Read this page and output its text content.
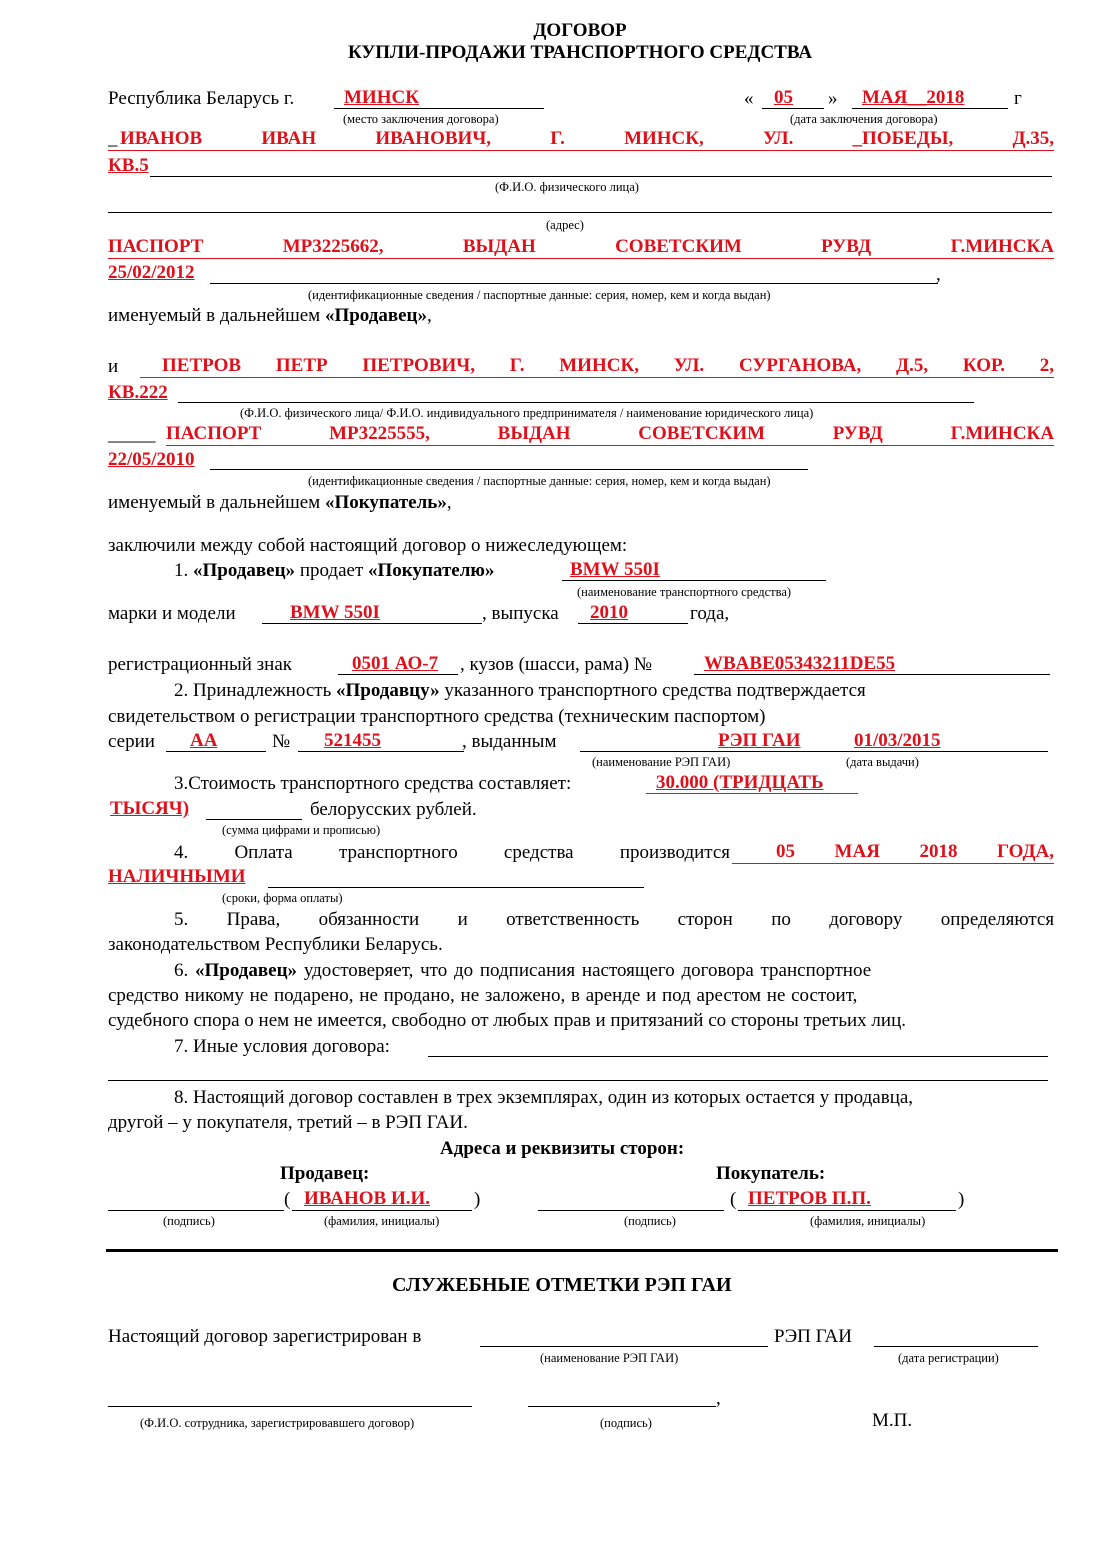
ДОГОВОР
КУПЛИ-ПРОДАЖИ ТРАНСПОРТНОГО СРЕДСТВА
Республика Беларусь г.	МИНСК
(место заключения договора)
« 05 » МАЯ__2018	г
(дата заключения договора)
_ ИВАНОВ	ИВАН	ИВАНОВИЧ,	Г.	МИНСК,	УЛ.	_ПОБЕДЫ,	Д.35,
КВ.5
(Ф.И.О. физического лица)
(адрес)
ПАСПОРТ	МР3225662,	ВЫДАН	СОВЕТСКИМ	РУВД	Г.МИНСКА
25/02/2012	,
(идентификационные сведения / паспортные данные: серия, номер, кем и когда выдан)
именуемый в дальнейшем «Продавец»,
и ПЕТРОВ ПЕТР ПЕТРОВИЧ, Г. МИНСК, УЛ. СУРГАНОВА, Д.5, КОР. 2,
КВ.222
(Ф.И.О. физического лица/ Ф.И.О. индивидуального предпринимателя / наименование юридического лица)
_____ ПАСПОРТ	МР3225555,	ВЫДАН	СОВЕТСКИМ	РУВД	Г.МИНСКА
22/05/2010
(идентификационные сведения / паспортные данные: серия, номер, кем и когда выдан)
именуемый в дальнейшем «Покупатель»,
заключили между собой настоящий договор о нижеследующем:
1. «Продавец» продает «Покупателю»	BMW 550I
(наименование транспортного средства)
марки и модели	BMW 550I	, выпуска 2010	года,
регистрационный знак	0501 АО-7 , кузов (шасси, рама) №	WBABE05343211DE55
2. Принадлежность «Продавцу» указанного транспортного средства подтверждается
свидетельством о регистрации транспортного средства (техническим паспортом)
серии АА	№ 521455	, выданным	РЭП ГАИ	01/03/2015
(наименование РЭП ГАИ)	(дата выдачи)
3.Стоимость транспортного средства составляет:	30.000 (ТРИДЦАТЬ
ТЫСЯЧ)	белорусских рублей.
(сумма цифрами и прописью)
4. Оплата транспортного средства производится 05 МАЯ 2018 ГОДА,
НАЛИЧНЫМИ
(сроки, форма оплаты)
5. Права, обязанности и ответственность сторон по договору определяются
законодательством Республики Беларусь.
6. «Продавец» удостоверяет, что до подписания настоящего договора транспортное
средство никому не подарено, не продано, не заложено, в аренде и под арестом не состоит,
судебного спора о нем не имеется, свободно от любых прав и притязаний со стороны третьих лиц.
7. Иные условия договора:
8. Настоящий договор составлен в трех экземплярах, один из которых остается у продавца,
другой – у покупателя, третий – в РЭП ГАИ.
Адреса и реквизиты сторон:
Продавец:	Покупатель:
( ИВАНОВ И.И. )
(подпись)	(фамилия, инициалы)
( ПЕТРОВ П.П.	)
(подпись)	(фамилия, инициалы)
СЛУЖЕБНЫЕ ОТМЕТКИ РЭП ГАИ
Настоящий договор зарегистрирован в	РЭП ГАИ
(наименование РЭП ГАИ)	(дата регистрации)
,
(Ф.И.О. сотрудника, зарегистрировавшего договор)	(подпись)	М.П.
